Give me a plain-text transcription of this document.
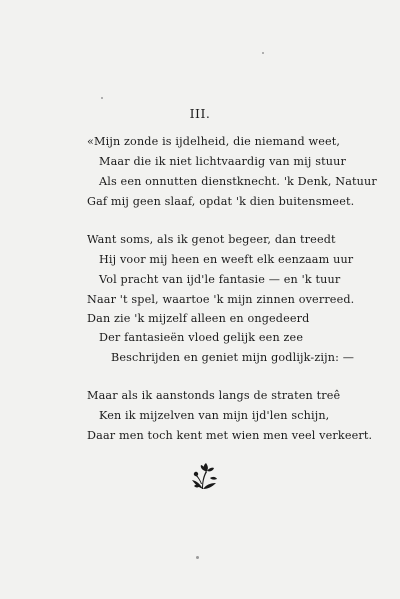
III.
«Mijn zonde is ijdelheid, die niemand weet,
Maar die ik niet lichtvaardig van mij stuur
Als een onnutten dienstknecht. 'k Denk, Natuur
Gaf mij geen slaaf, opdat 'k dien buitensmeet.
Want soms, als ik genot begeer, dan treedt
Hij voor mij heen en weeft elk eenzaam uur
Vol pracht van ijd'le fantasie — en 'k tuur
Naar 't spel, waartoe 'k mijn zinnen overreed.
Dan zie 'k mijzelf alleen en ongedeerd
Der fantasieën vloed gelijk een zee
Beschrijden en geniet mijn godlijk-zijn: —
Maar als ik aanstonds langs de straten treê
Ken ik mijzelven van mijn ijd'len schijn,
Daar men toch kent met wien men veel verkeert.
